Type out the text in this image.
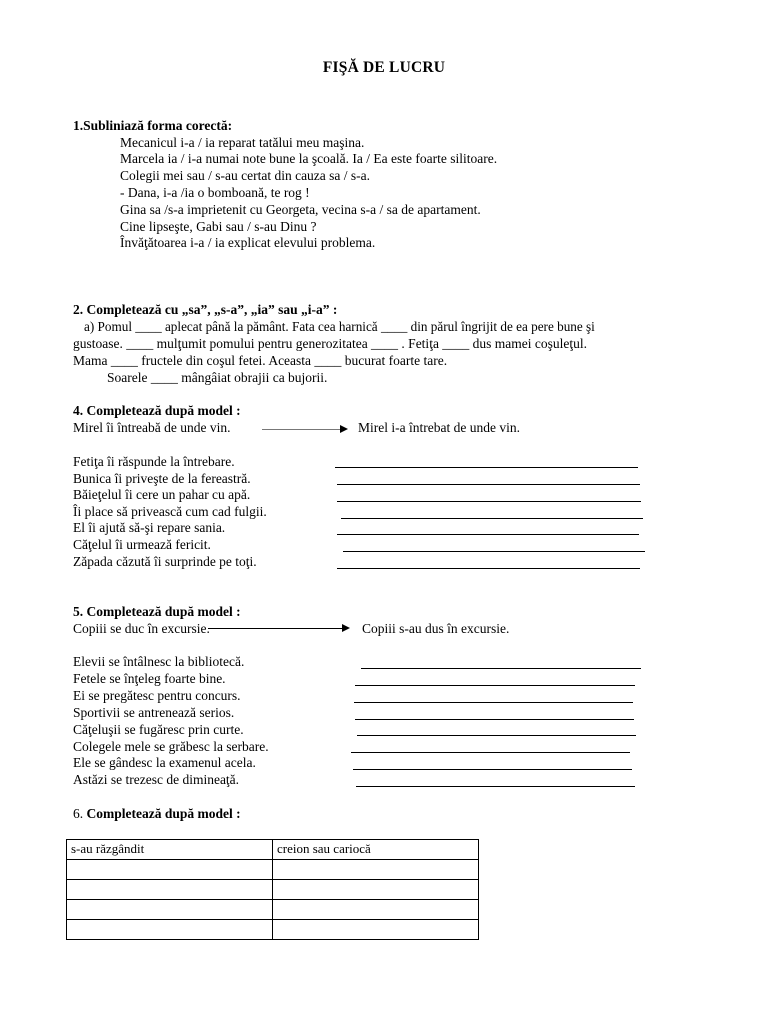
FIŞĂ DE LUCRU
1.Subliniază forma corectă:
Mecanicul i-a / ia reparat tatălui meu maşina.
Marcela ia / i-a numai note bune la şcoală. Ia / Ea este foarte silitoare.
Colegii mei sau / s-au certat din cauza sa / s-a.
- Dana, i-a /ia o bomboană, te rog !
Gina sa /s-a imprietenit cu Georgeta, vecina s-a / sa de apartament.
Cine lipseşte, Gabi sau / s-au Dinu ?
Învăţătoarea i-a / ia explicat elevului problema.
2. Completează cu „sa”, „s-a”, „ia” sau „i-a” :
a) Pomul ____ aplecat până la pământ. Fata cea harnică ____ din părul îngrijit de ea pere bune şi
gustoase. ____ mulţumit pomului pentru generozitatea ____ . Fetiţa ____ dus mamei coşuleţul.
Mama ____ fructele din coşul fetei. Aceasta ____ bucurat foarte tare.
Soarele ____ mângâiat obrajii ca bujorii.
4. Completează după model :
Mirel îi întreabă de unde vin.	Mirel i-a întrebat de unde vin.
Fetiţa îi răspunde la întrebare.
Bunica îi priveşte de la fereastră.
Băieţelul îi cere un pahar cu apă.
Îi place să privească cum cad fulgii.
El îi ajută să-şi repare sania.
Căţelul îi urmează fericit.
Zăpada căzută îi surprinde pe toţi.
5. Completează după model :
Copiii se duc în excursie.	Copiii s-au dus în excursie.
Elevii se întâlnesc la bibliotecă.
Fetele se înţeleg foarte bine.
Ei se pregătesc pentru concurs.
Sportivii se antrenează serios.
Căţeluşii se fugăresc prin curte.
Colegele mele se grăbesc la serbare.
Ele se gândesc la examenul acela.
Astăzi se trezesc de dimineaţă.
6. Completează după model :
s-au răzgândit	creion sau cariocă
